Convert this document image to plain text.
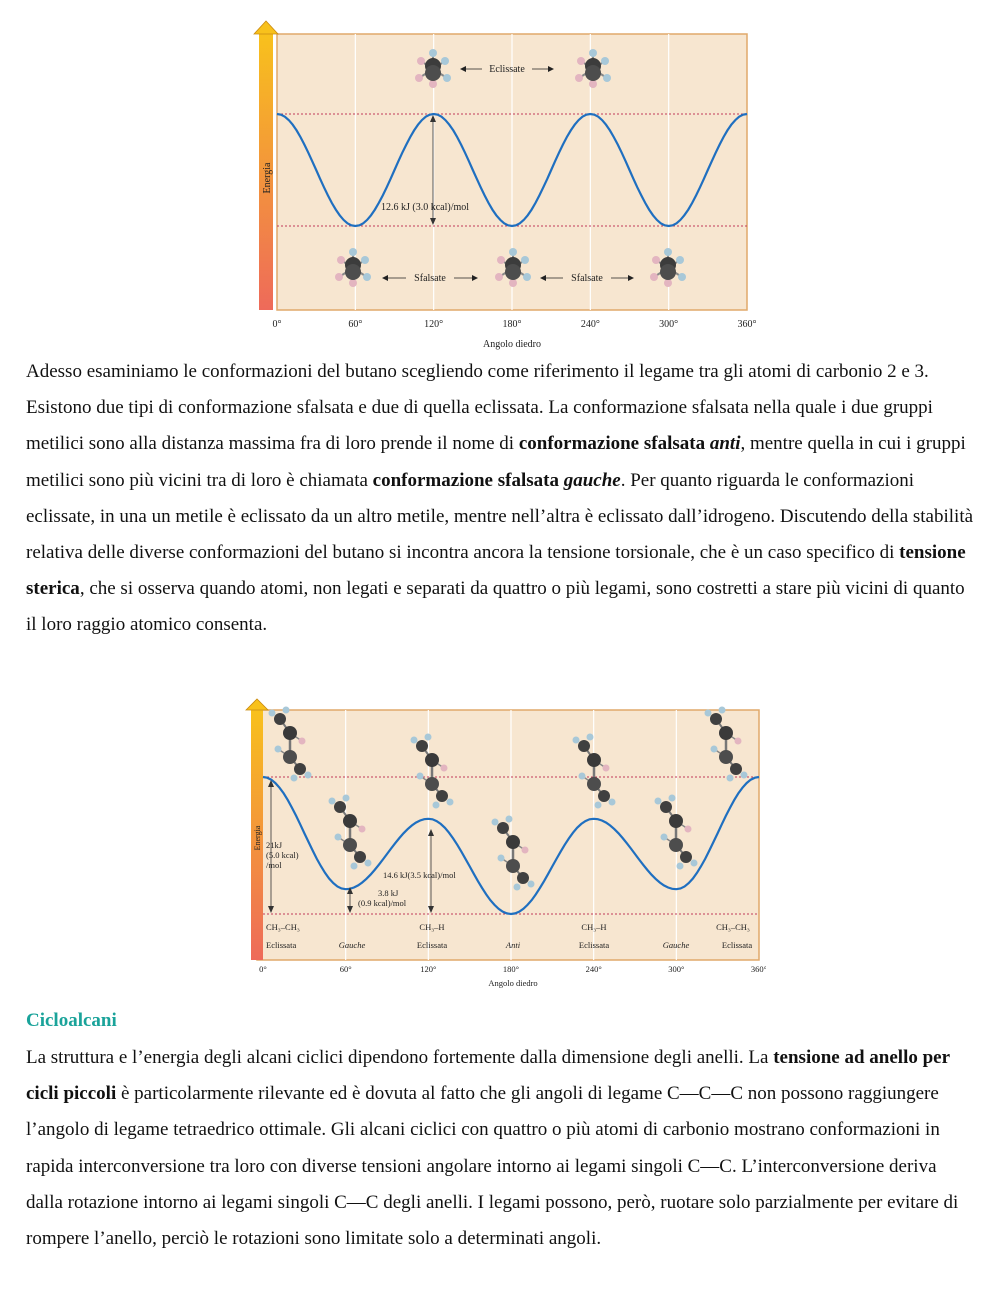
Energia
12.6 kJ (3.0 kcal)/mol
Eclissate
Sfalsate	Sfalsate
0°	60°	120°	180°	240°	300°	360°
Angolo diedro

Adesso esaminiamo le conformazioni del butano scegliendo come riferimento il legame tra gli atomi di carbonio 2 e 3. Esistono due tipi di conformazione sfalsata e due di quella eclissata. La conformazione sfalsata nella quale i due gruppi metilici sono alla distanza massima fra di loro prende il nome di conformazione sfalsata anti, mentre quella in cui i gruppi metilici sono più vicini tra di loro è chiamata conformazione sfalsata gauche. Per quanto riguarda le conformazioni eclissate, in una un metile è eclissato da un altro metile, mentre nell’altra è eclissato dall’idrogeno. Discutendo della stabilità relativa delle diverse conformazioni del butano si incontra ancora la tensione torsionale, che è un caso specifico di tensione sterica, che si osserva quando atomi, non legati e separati da quattro o più legami, sono costretti a stare più vicini di quanto il loro raggio atomico consenta.

Energia 21kJ
(5.0 kcal)
/mol
14.6 kJ(3.5 kcal)/mol
3.8 kJ
(0.9 kcal)/mol
CH₃–CH₃	CH₃–H	CH₃–H	CH₃–CH₃
Eclissata	Gauche	Eclissata	Anti	Eclissata	Gauche	Eclissata
0°	60°	120°	180°	240°	300°	360°
Angolo diedro
Cicloalcani

La struttura e l’energia degli alcani ciclici dipendono fortemente dalla dimensione degli anelli. La tensione ad anello per cicli piccoli è particolarmente rilevante ed è dovuta al fatto che gli angoli di legame C—C—C non possono raggiungere l’angolo di legame tetraedrico ottimale. Gli alcani ciclici con quattro o più atomi di carbonio mostrano conformazioni in rapida interconversione tra loro con diverse tensioni angolare intorno ai legami singoli C—C. L’interconversione deriva dalla rotazione intorno ai legami singoli C—C degli anelli. I legami possono, però, ruotare solo parzialmente per evitare di rompere l’anello, perciò le rotazioni sono limitate solo a determinati angoli.
